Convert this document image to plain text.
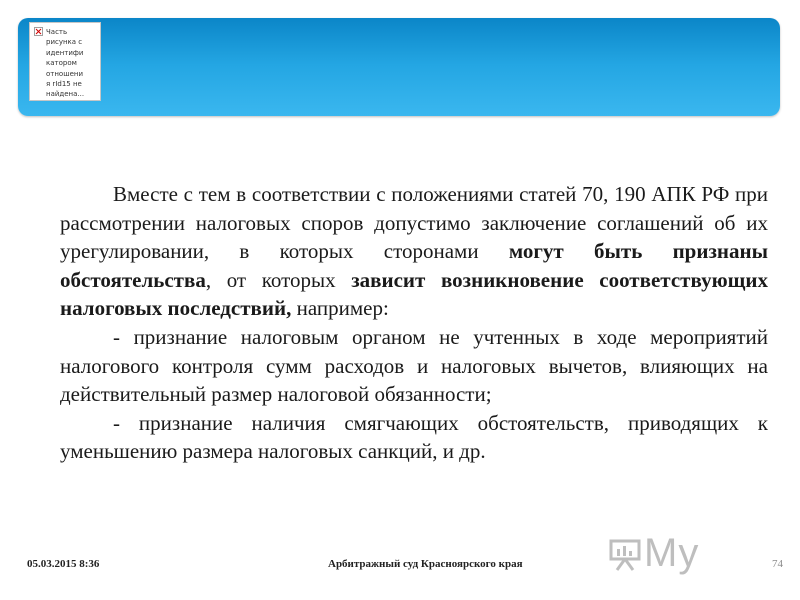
Часть
рисунка с
идентифи
катором
отношени
я rId15 не
найдена...

Вместе с тем в соответствии с положениями статей 70, 190 АПК РФ при рассмотрении налоговых споров допустимо заключение соглашений об их урегулировании, в которых сторонами могут быть признаны обстоятельства, от которых зависит возникновение соответствующих налоговых последствий, например:

- признание налоговым органом не учтенных в ходе мероприятий налогового контроля сумм расходов и налоговых вычетов, влияющих на действительный размер налоговой обязанности;

- признание наличия смягчающих обстоятельств, приводящих к уменьшению размера налоговых санкций, и др.

05.03.2015 8:36	Арбитражный суд Красноярского края	74
My
